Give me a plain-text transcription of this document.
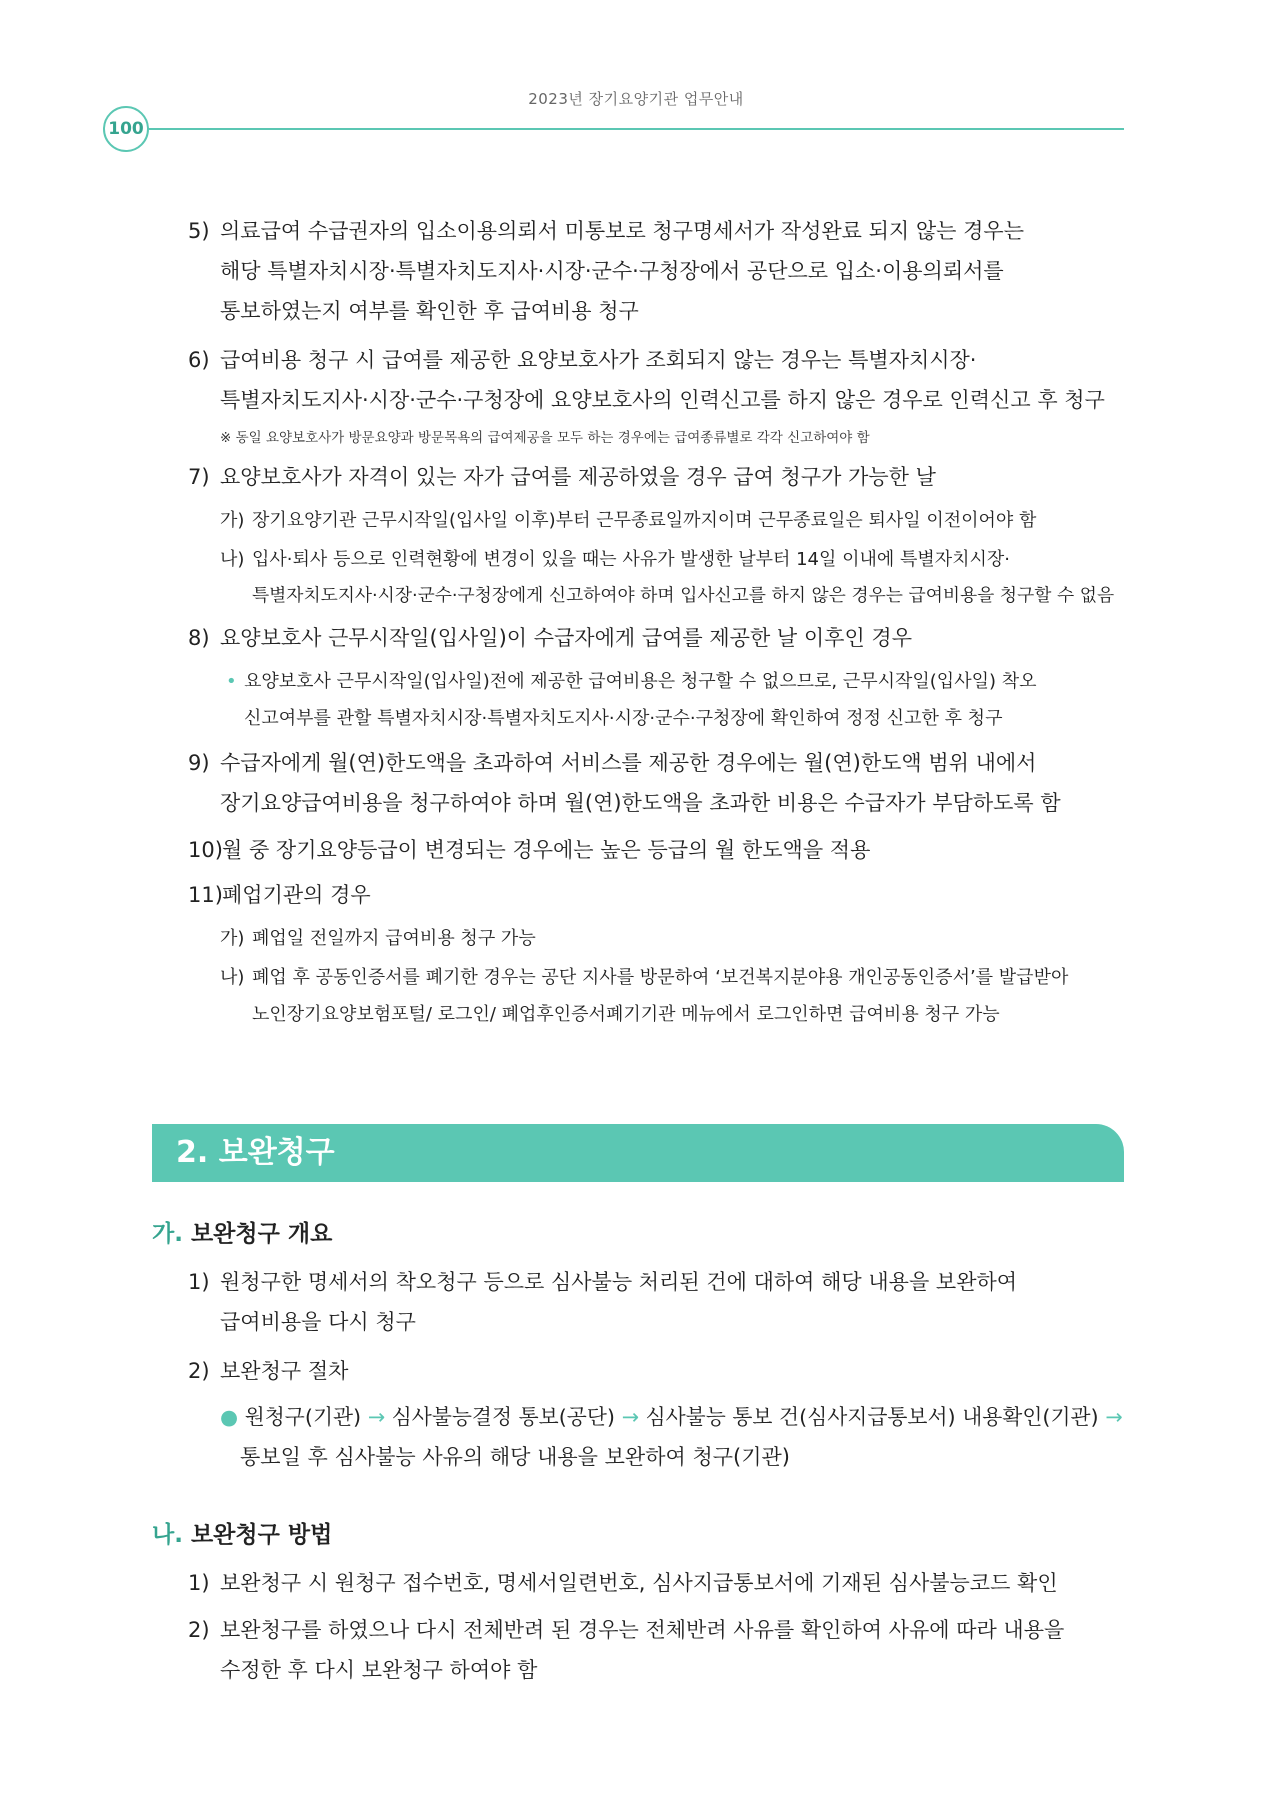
2023년 장기요양기관 업무안내
100
5) 의료급여 수급권자의 입소이용의뢰서 미통보로 청구명세서가 작성완료 되지 않는 경우는
해당 특별자치시장·특별자치도지사·시장·군수·구청장에서 공단으로 입소·이용의뢰서를
통보하였는지 여부를 확인한 후 급여비용 청구
6) 급여비용 청구 시 급여를 제공한 요양보호사가 조회되지 않는 경우는 특별자치시장·
특별자치도지사·시장·군수·구청장에 요양보호사의 인력신고를 하지 않은 경우로 인력신고 후 청구
※ 동일 요양보호사가 방문요양과 방문목욕의 급여제공을 모두 하는 경우에는 급여종류별로 각각 신고하여야 함
7) 요양보호사가 자격이 있는 자가 급여를 제공하였을 경우 급여 청구가 가능한 날
가) 장기요양기관 근무시작일(입사일 이후)부터 근무종료일까지이며 근무종료일은 퇴사일 이전이어야 함
나) 입사·퇴사 등으로 인력현황에 변경이 있을 때는 사유가 발생한 날부터 14일 이내에 특별자치시장·
특별자치도지사·시장·군수·구청장에게 신고하여야 하며 입사신고를 하지 않은 경우는 급여비용을 청구할 수 없음
8) 요양보호사 근무시작일(입사일)이 수급자에게 급여를 제공한 날 이후인 경우
• 요양보호사 근무시작일(입사일)전에 제공한 급여비용은 청구할 수 없으므로, 근무시작일(입사일) 착오
신고여부를 관할 특별자치시장·특별자치도지사·시장·군수·구청장에 확인하여 정정 신고한 후 청구
9) 수급자에게 월(연)한도액을 초과하여 서비스를 제공한 경우에는 월(연)한도액 범위 내에서
장기요양급여비용을 청구하여야 하며 월(연)한도액을 초과한 비용은 수급자가 부담하도록 함
10) 월 중 장기요양등급이 변경되는 경우에는 높은 등급의 월 한도액을 적용
11) 폐업기관의 경우
가) 폐업일 전일까지 급여비용 청구 가능
나) 폐업 후 공동인증서를 폐기한 경우는 공단 지사를 방문하여 ‘보건복지분야용 개인공동인증서’를 발급받아
노인장기요양보험포털/ 로그인/ 폐업후인증서폐기기관 메뉴에서 로그인하면 급여비용 청구 가능
2. 보완청구
가. 보완청구 개요
1) 원청구한 명세서의 착오청구 등으로 심사불능 처리된 건에 대하여 해당 내용을 보완하여
급여비용을 다시 청구
2) 보완청구 절차
● 원청구(기관) → 심사불능결정 통보(공단) → 심사불능 통보 건(심사지급통보서) 내용확인(기관) →
통보일 후 심사불능 사유의 해당 내용을 보완하여 청구(기관)
나. 보완청구 방법
1) 보완청구 시 원청구 접수번호, 명세서일련번호, 심사지급통보서에 기재된 심사불능코드 확인
2) 보완청구를 하였으나 다시 전체반려 된 경우는 전체반려 사유를 확인하여 사유에 따라 내용을
수정한 후 다시 보완청구 하여야 함
